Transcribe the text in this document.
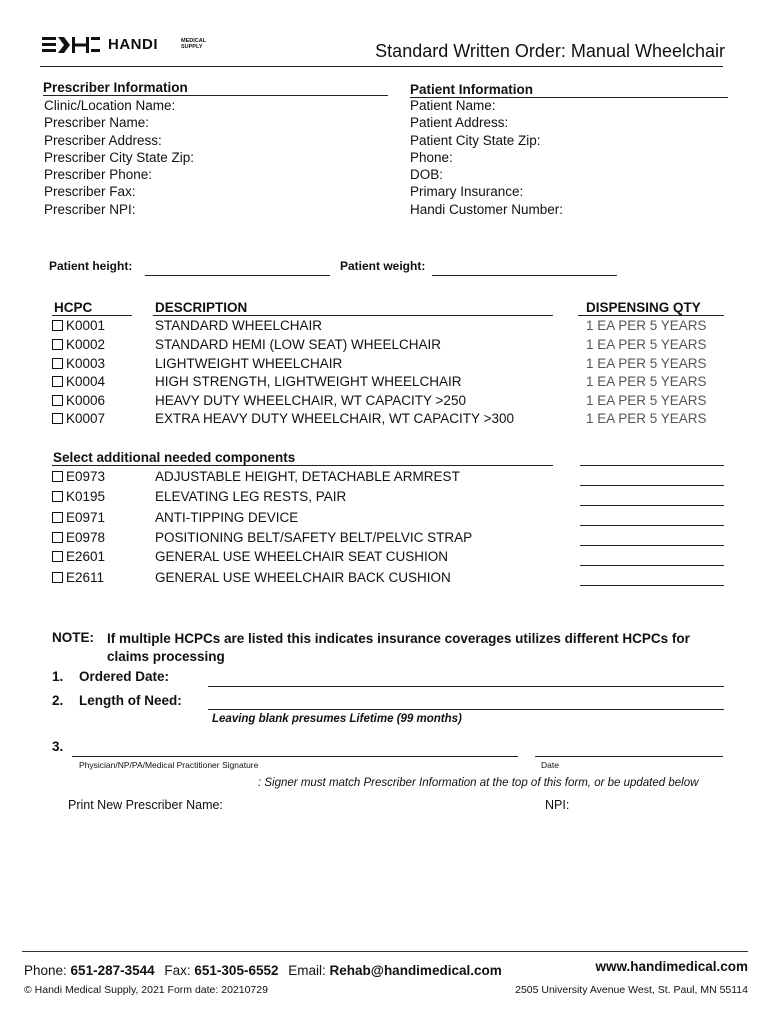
HANDI	MEDICAL
SUPPLY	Standard Written Order: Manual Wheelchair
Prescriber Information
Clinic/Location Name:
Prescriber Name:
Prescriber Address:
Prescriber City State Zip:
Prescriber Phone:
Prescriber Fax:
Prescriber NPI:
Patient Information
Patient Name:
Patient Address:
Patient City State Zip:
Phone:
DOB:
Primary Insurance:
Handi Customer Number:
Patient height:	Patient weight:
HCPC	DESCRIPTION	DISPENSING QTY
K0001	STANDARD WHEELCHAIR	1 EA PER 5 YEARS
K0002	STANDARD HEMI (LOW SEAT) WHEELCHAIR	1 EA PER 5 YEARS
K0003	LIGHTWEIGHT WHEELCHAIR	1 EA PER 5 YEARS
K0004	HIGH STRENGTH, LIGHTWEIGHT WHEELCHAIR	1 EA PER 5 YEARS
K0006	HEAVY DUTY WHEELCHAIR, WT CAPACITY >250	1 EA PER 5 YEARS
K0007	EXTRA HEAVY DUTY WHEELCHAIR, WT CAPACITY >300	1 EA PER 5 YEARS
Select additional needed components
E0973	ADJUSTABLE HEIGHT, DETACHABLE ARMREST
K0195	ELEVATING LEG RESTS, PAIR
E0971	ANTI-TIPPING DEVICE
E0978	POSITIONING BELT/SAFETY BELT/PELVIC STRAP
E2601	GENERAL USE WHEELCHAIR SEAT CUSHION
E2611	GENERAL USE WHEELCHAIR BACK CUSHION
NOTE: If multiple HCPCs are listed this indicates insurance coverages utilizes different HCPCs for
claims processing
1. Ordered Date:
2. Length of Need:
Leaving blank presumes Lifetime (99 months)
3.
Physician/NP/PA/Medical Practitioner Signature	Date
: Signer must match Prescriber Information at the top of this form, or be updated below
Print New Prescriber Name:	NPI:
Phone: 651-287-3544 Fax: 651-305-6552 Email: Rehab@handimedical.com	www.handimedical.com
© Handi Medical Supply, 2021 Form date: 20210729	2505 University Avenue West, St. Paul, MN 55114
